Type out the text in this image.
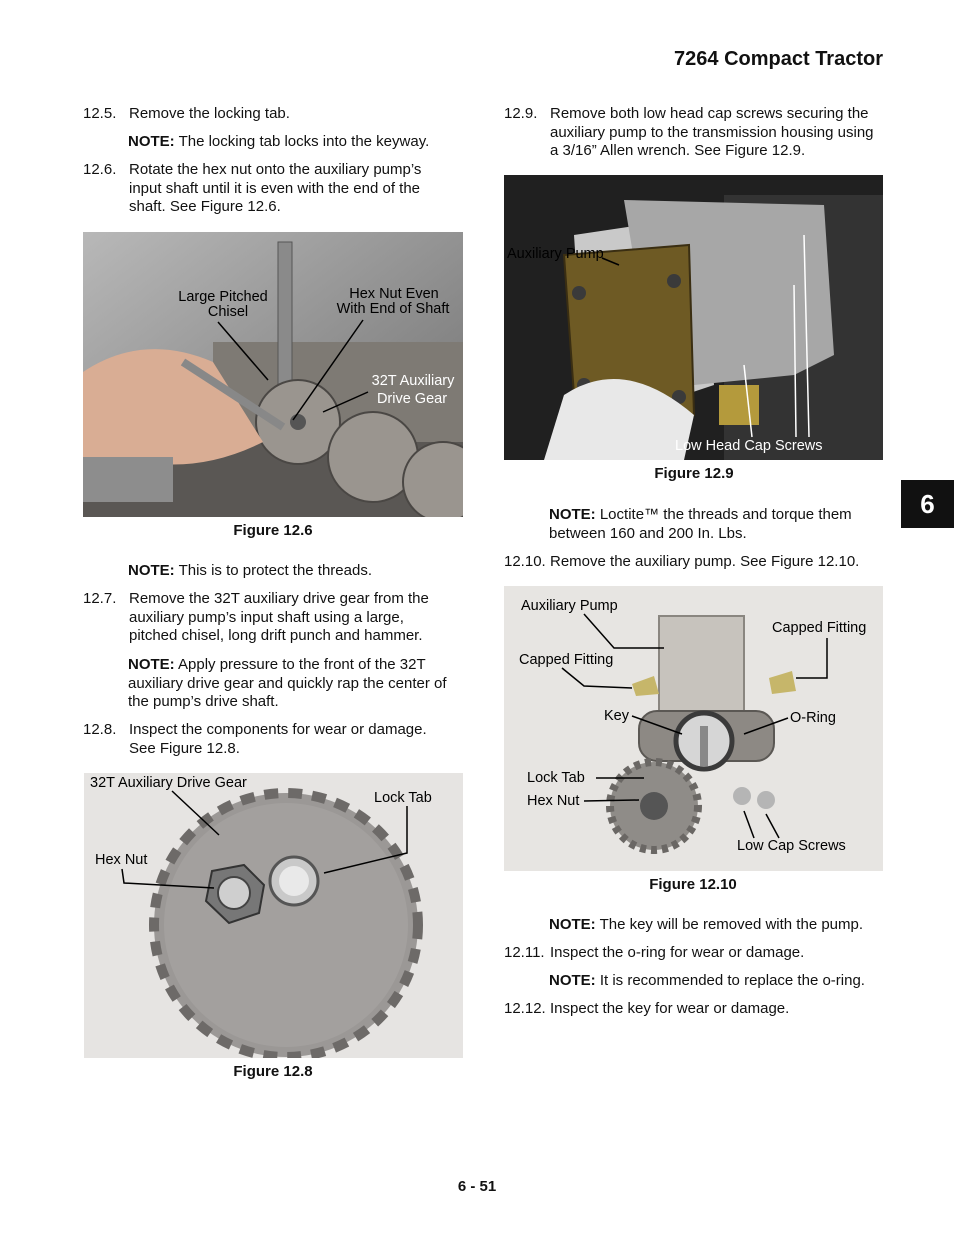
7264 Compact Tractor
12.5. Remove the locking tab.
NOTE: The locking tab locks into the keyway.
12.6. Rotate the hex nut onto the auxiliary pump’s input shaft until it is even with the end of the shaft. See Figure 12.6.
Large Pitched
Chisel
Hex Nut Even
With End of Shaft
32T Auxiliary
Drive Gear
Figure 12.6
NOTE: This is to protect the threads.
12.7. Remove the 32T auxiliary drive gear from the auxiliary pump’s input shaft using a large, pitched chisel, long drift punch and hammer.
NOTE: Apply pressure to the front of the 32T auxiliary drive gear and quickly rap the center of the pump’s drive shaft.
12.8. Inspect the components for wear or damage. See Figure 12.8.
32T Auxiliary Drive Gear
Lock Tab
Hex Nut
Figure 12.8
12.9. Remove both low head cap screws securing the auxiliary pump to the transmission housing using a 3/16” Allen wrench. See Figure 12.9.
Auxiliary Pump
Low Head Cap Screws
Figure 12.9
NOTE: Loctite™ the threads and torque them between 160 and 200 In. Lbs.
12.10. Remove the auxiliary pump. See Figure 12.10.
Auxiliary Pump
Capped Fitting
Capped Fitting
Key	O-Ring
Lock Tab
Hex Nut
Low Cap Screws
Figure 12.10
NOTE: The key will be removed with the pump.
12.11. Inspect the o-ring for wear or damage.
NOTE: It is recommended to replace the o-ring.
12.12. Inspect the key for wear or damage.
6
6 - 51
